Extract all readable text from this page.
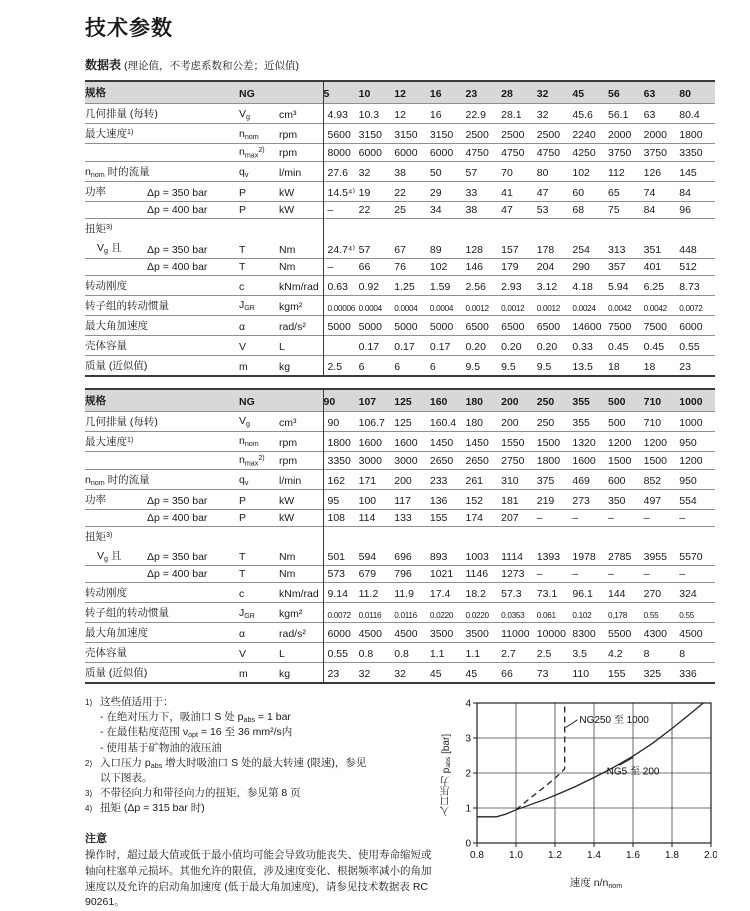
技术参数
数据表 (理论值，不考虑系数和公差；近似值)
规格		NG		5	10	12	16	23	28	32	45	56	63	80
几何排量 (每转)		$V_g$	cm³	4.93	10.3	12	16	22.9	28.1	32	45.6	56.1	63	80.4
最大速度$^{1)}$		$n_{nom}$	rpm	5600	3150	3150	3150	2500	2500	2500	2240	2000	2000	1800
		$n_{max}^{2)}$	rpm	8000	6000	6000	6000	4750	4750	4750	4250	3750	3750	3350
$n_{nom}$ 时的流量		$q_v$	l/min	27.6	32	38	50	57	70	80	102	112	126	145
功率	Δp = 350 bar	P	kW	14.5⁴⁾	19	22	29	33	41	47	60	65	74	84
	Δp = 400 bar	P	kW	–	22	25	34	38	47	53	68	75	84	96
扭矩$^{3)}$														
$V_g$ 且	Δp = 350 bar	T	Nm	24.7⁴⁾	57	67	89	128	157	178	254	313	351	448
	Δp = 400 bar	T	Nm	–	66	76	102	146	179	204	290	357	401	512
转动刚度		c	kNm/rad	0.63	0.92	1.25	1.59	2.56	2.93	3.12	4.18	5.94	6.25	8.73
转子组的转动惯量		$J_{GR}$	kgm²	0.00006	0.0004	0.0004	0.0004	0.0012	0.0012	0.0012	0.0024	0.0042	0.0042	0.0072
最大角加速度		α	rad/s²	5000	5000	5000	5000	6500	6500	6500	14600	7500	7500	6000
壳体容量		V	L		0.17	0.17	0.17	0.20	0.20	0.20	0.33	0.45	0.45	0.55
质量 (近似值)		m	kg	2.5	6	6	6	9.5	9.5	9.5	13.5	18	18	23
规格		NG		90	107	125	160	180	200	250	355	500	710	1000
几何排量 (每转)		$V_g$	cm³	90	106.7	125	160.4	180	200	250	355	500	710	1000
最大速度$^{1)}$		$n_{nom}$	rpm	1800	1600	1600	1450	1450	1550	1500	1320	1200	1200	950
		$n_{max}^{2)}$	rpm	3350	3000	3000	2650	2650	2750	1800	1600	1500	1500	1200
$n_{nom}$ 时的流量		$q_v$	l/min	162	171	200	233	261	310	375	469	600	852	950
功率	Δp = 350 bar	P	kW	95	100	117	136	152	181	219	273	350	497	554
	Δp = 400 bar	P	kW	108	114	133	155	174	207	–	–	–	–	–
扭矩$^{3)}$														
$V_g$ 且	Δp = 350 bar	T	Nm	501	594	696	893	1003	1114	1393	1978	2785	3955	5570
	Δp = 400 bar	T	Nm	573	679	796	1021	1146	1273	–	–	–	–	–
转动刚度		c	kNm/rad	9.14	11.2	11.9	17.4	18.2	57.3	73.1	96.1	144	270	324
转子组的转动惯量		$J_{GR}$	kgm²	0.0072	0.0116	0.0116	0.0220	0.0220	0.0353	0.061	0.102	0,178	0.55	0.55
最大角加速度		α	rad/s²	6000	4500	4500	3500	3500	11000	10000	8300	5500	4300	4500
壳体容量		V	L	0.55	0.8	0.8	1.1	1.1	2.7	2.5	3.5	4.2	8	8
质量 (近似值)		m	kg	23	32	32	45	45	66	73	110	155	325	336
1) 这些值适用于：
- 在绝对压力下，吸油口 S 处 $p_{abs} = 1$ bar
- 在最佳粘度范围 $\nu_{opt} = 16$ 至 36 mm²/s内
- 使用基于矿物油的液压油
2) 入口压力 $p_{abs}$ 增大时吸油口 S 处的最大转速 (限速)，参见
以下图表。
3) 不带径向力和带径向力的扭矩，参见第 8 页
4) 扭矩 (Δp = 315 bar 时)
注意
操作时，超过最大值或低于最小值均可能会导致功能丧失、使用寿命缩短或轴向柱塞单元损坏。其他允许的限值，涉及速度变化、根据频率减小的角加速度以及允许的启动角加速度 (低于最大角加速度)，请参见技术数据表 RC 90261。
入口压力 $p_{abs}$ [bar]
0.8	1.0	1.2	1.4	1.6	1.8	2.0
0
1
2
3
4
NG5 至 200
NG250 至 1000
速度 $n/n_{nom}$
